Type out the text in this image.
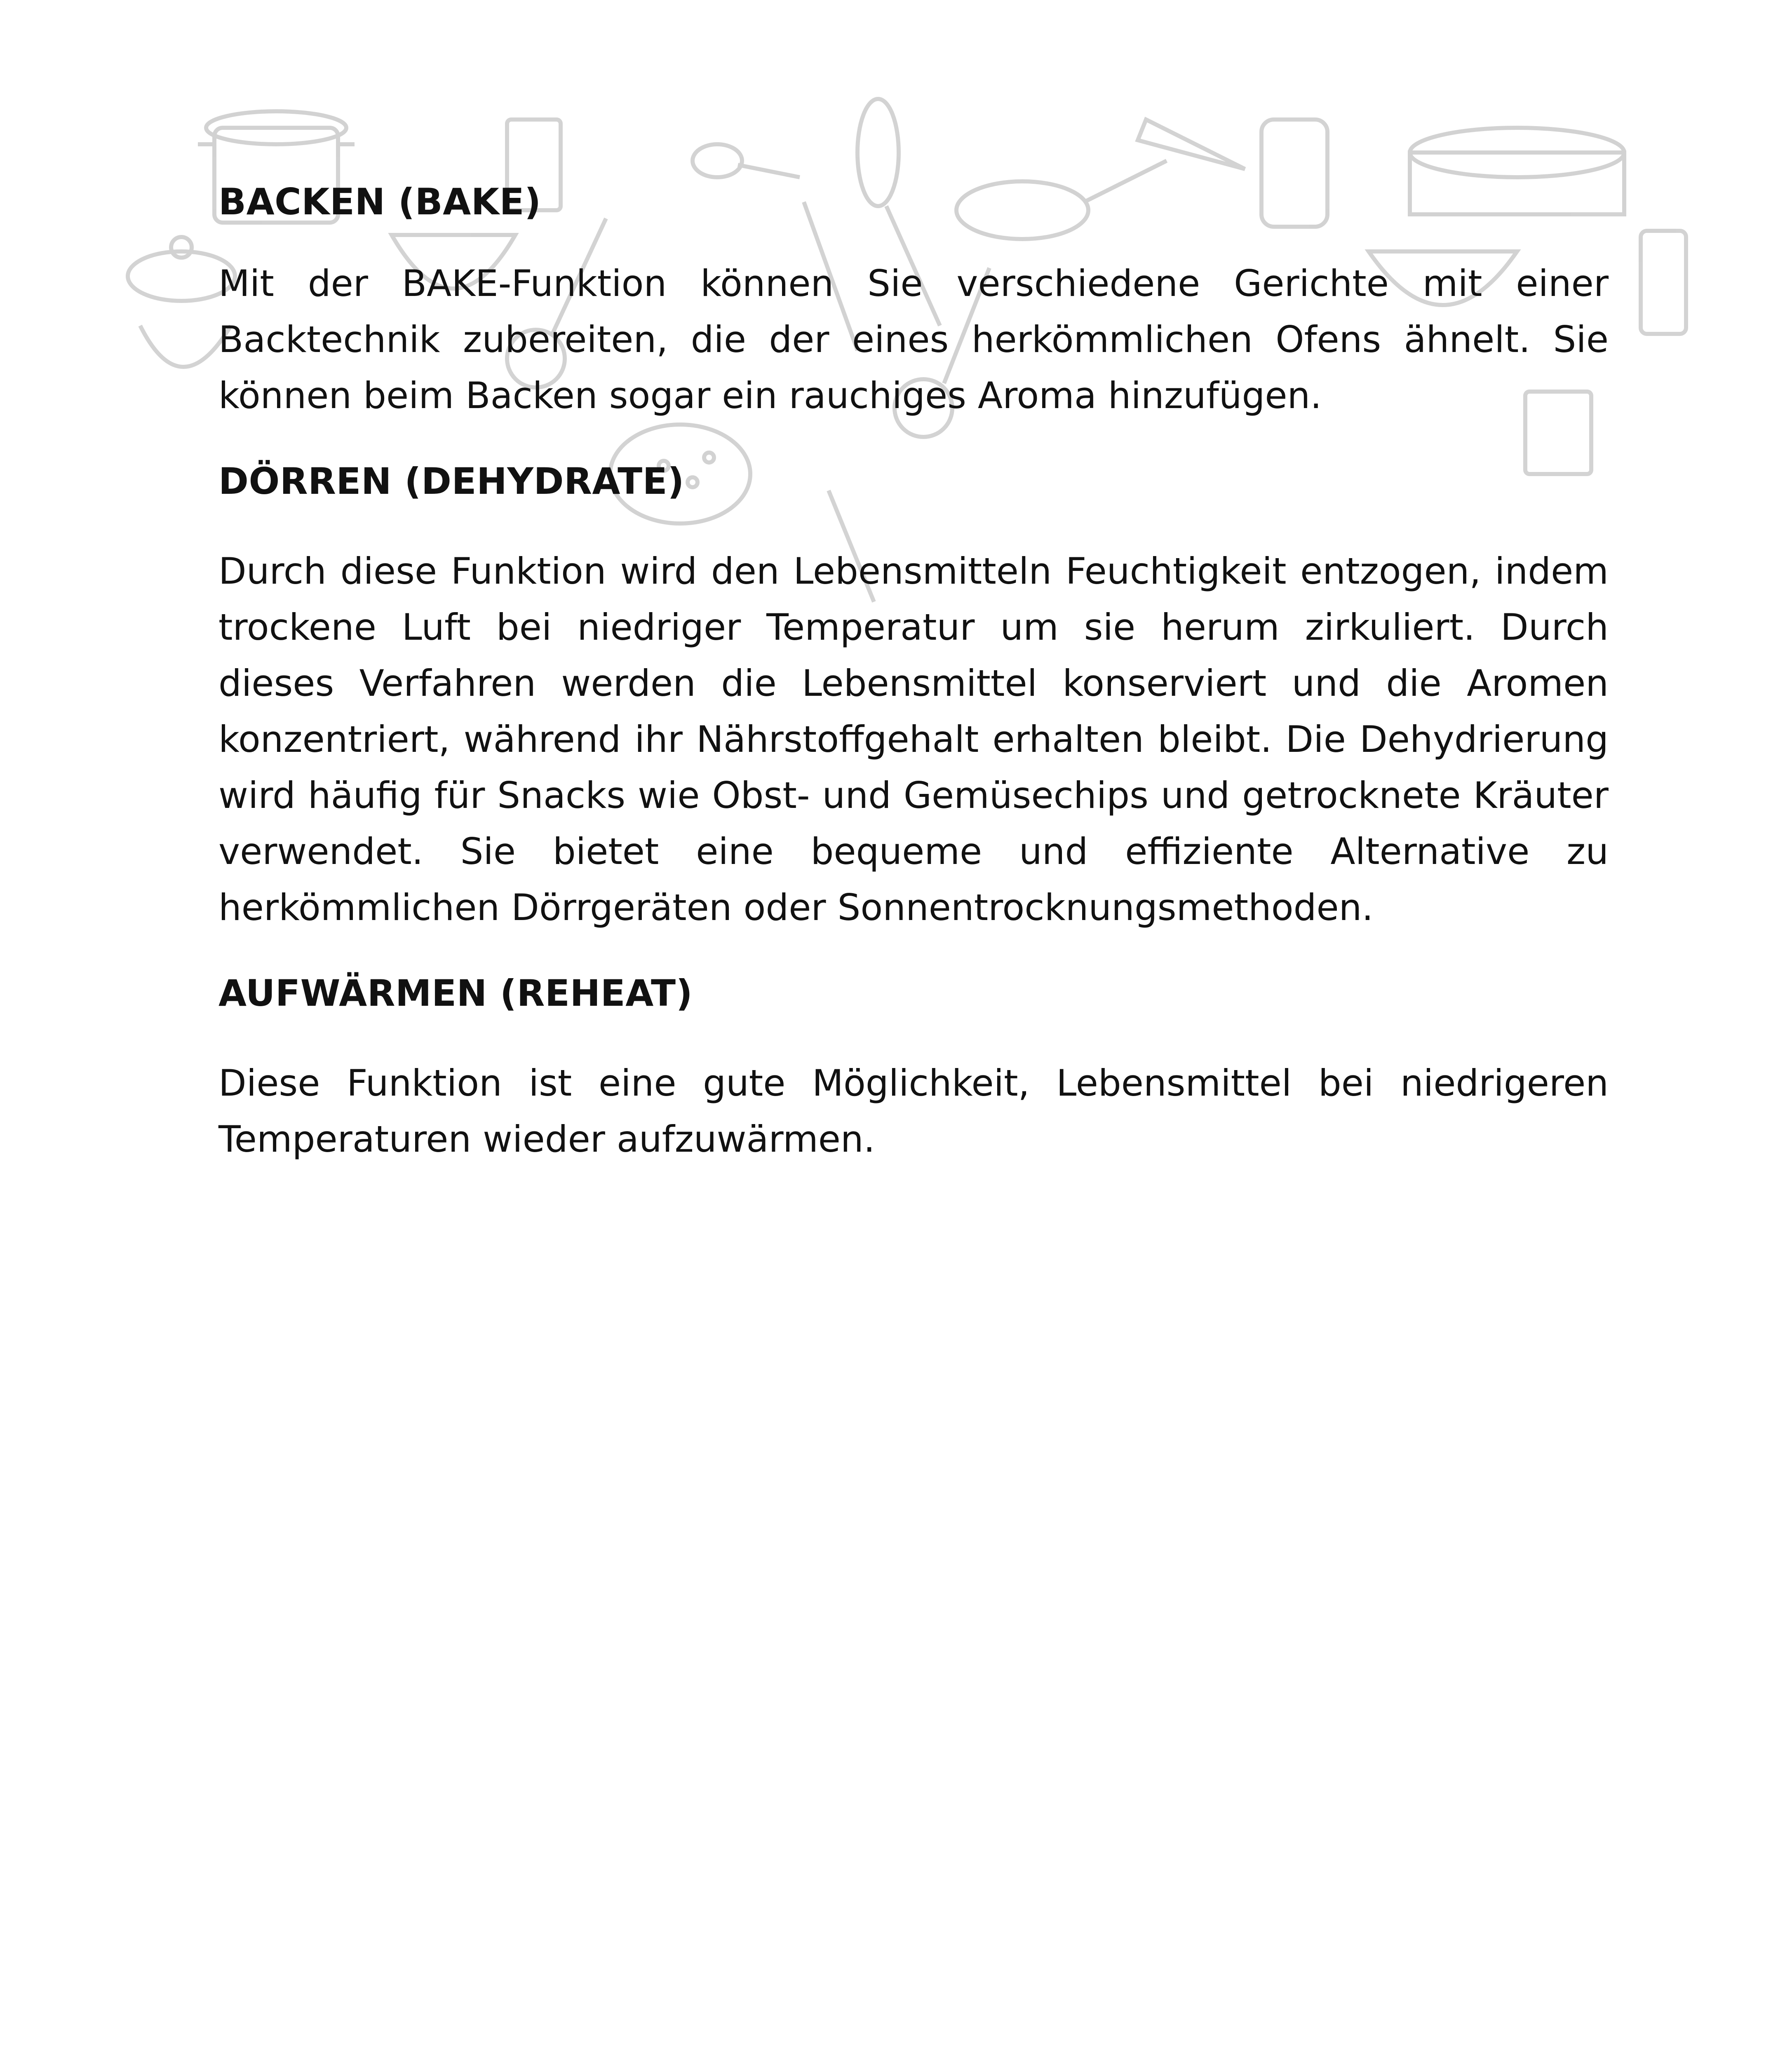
BACKEN (BAKE)

Mit der BAKE-Funktion können Sie verschiedene Gerichte mit einer Backtechnik zubereiten, die der eines herkömmlichen Ofens ähnelt. Sie können beim Backen sogar ein rauchiges Aroma hinzufügen.

DÖRREN (DEHYDRATE)

Durch diese Funktion wird den Lebensmitteln Feuchtigkeit entzogen, indem trockene Luft bei niedriger Temperatur um sie herum zirkuliert. Durch dieses Verfahren werden die Lebensmittel konserviert und die Aromen konzentriert, während ihr Nährstoffgehalt erhalten bleibt. Die Dehydrierung wird häufig für Snacks wie Obst- und Gemüsechips und getrocknete Kräuter verwendet. Sie bietet eine bequeme und effiziente Alternative zu herkömmlichen Dörrgeräten oder Sonnentrocknungsmethoden.

AUFWÄRMEN (REHEAT)

Diese Funktion ist eine gute Möglichkeit, Lebensmittel bei niedrigeren Temperaturen wieder aufzuwärmen.
